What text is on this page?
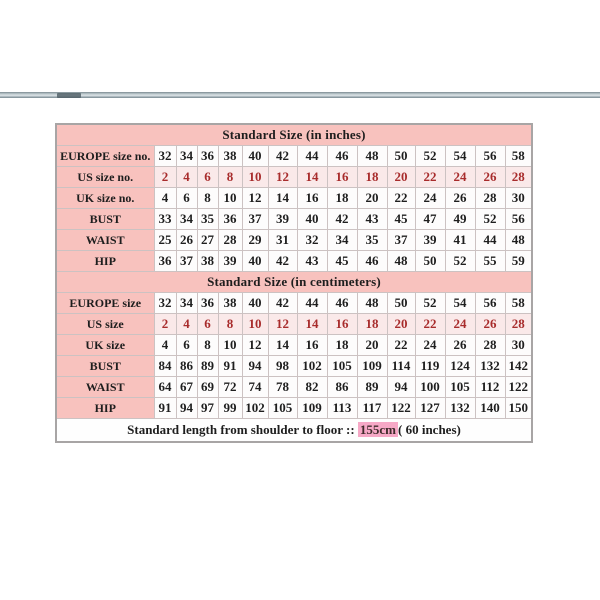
Standard Size (in inches)														
EUROPE size no.	32	34	36	38	40	42	44	46	48	50	52	54	56	58
US size no.	2	4	6	8	10	12	14	16	18	20	22	24	26	28
UK size no.	4	6	8	10	12	14	16	18	20	22	24	26	28	30
BUST	33	34	35	36	37	39	40	42	43	45	47	49	52	56
WAIST	25	26	27	28	29	31	32	34	35	37	39	41	44	48
HIP	36	37	38	39	40	42	43	45	46	48	50	52	55	59
Standard Size (in centimeters)														
EUROPE size	32	34	36	38	40	42	44	46	48	50	52	54	56	58
US size	2	4	6	8	10	12	14	16	18	20	22	24	26	28
UK size	4	6	8	10	12	14	16	18	20	22	24	26	28	30
BUST	84	86	89	91	94	98	102	105	109	114	119	124	132	142
WAIST	64	67	69	72	74	78	82	86	89	94	100	105	112	122
HIP	91	94	97	99	102	105	109	113	117	122	127	132	140	150
Standard length from shoulder to floor :: 155cm ( 60 inches)														
